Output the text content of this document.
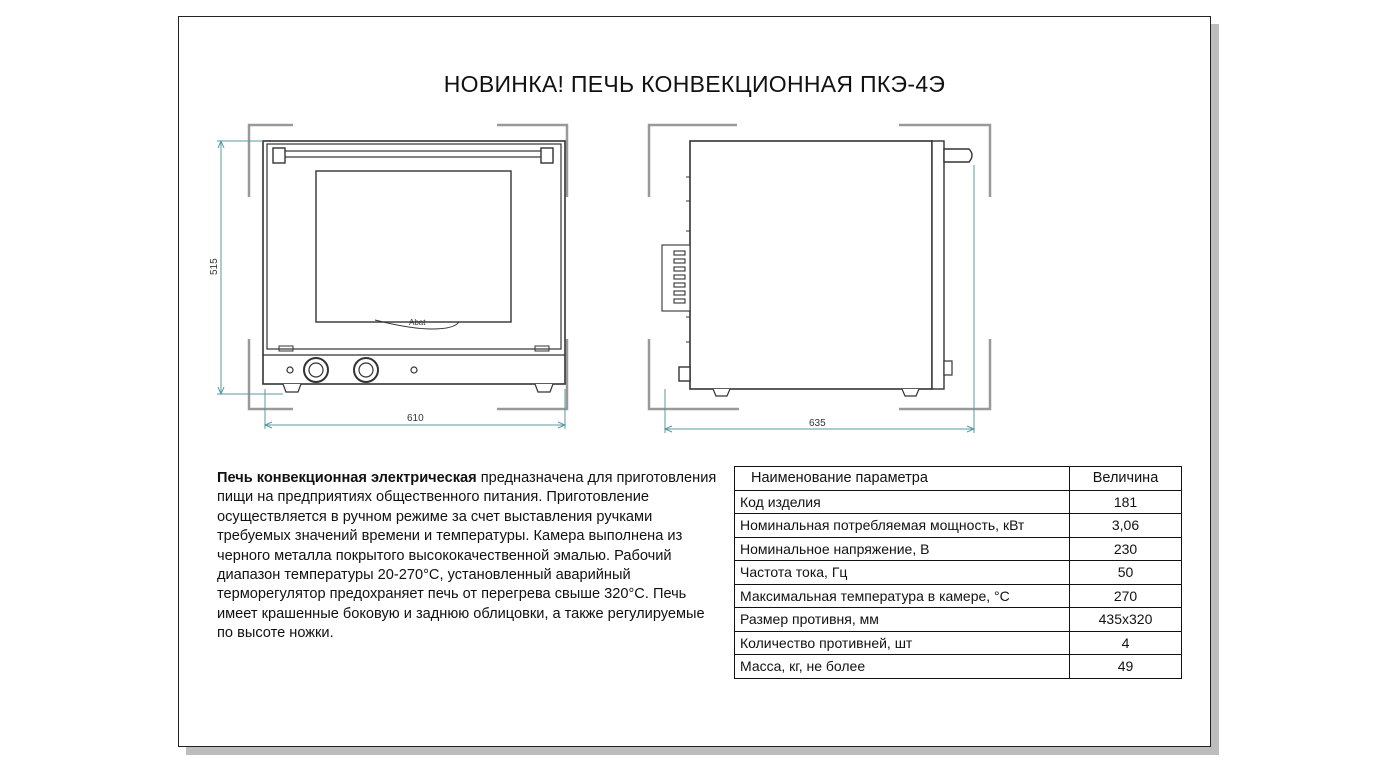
НОВИНКА! ПЕЧЬ КОНВЕКЦИОННАЯ ПКЭ-4Э
Abat
515
610	635

Печь конвекционная электрическая предназначена для приготовления пищи на предприятиях общественного питания. Приготовление осуществляется в ручном режиме за счет выставления ручками требуемых значений времени и температуры. Камера выполнена из черного металла покрытого высококачественной эмалью. Рабочий диапазон температуры 20-270°С, установленный аварийный терморегулятор предохраняет печь от перегрева свыше 320°С. Печь имеет крашенные боковую и заднюю облицовки, а также регулируемые по высоте ножки.

Наименование параметра	Величина
Код изделия	181
Номинальная потребляемая мощность, кВт	3,06
Номинальное напряжение, В	230
Частота тока, Гц	50
Максимальная температура в камере, °С	270
Размер противня, мм	435х320
Количество противней, шт	4
Масса, кг, не более	49
